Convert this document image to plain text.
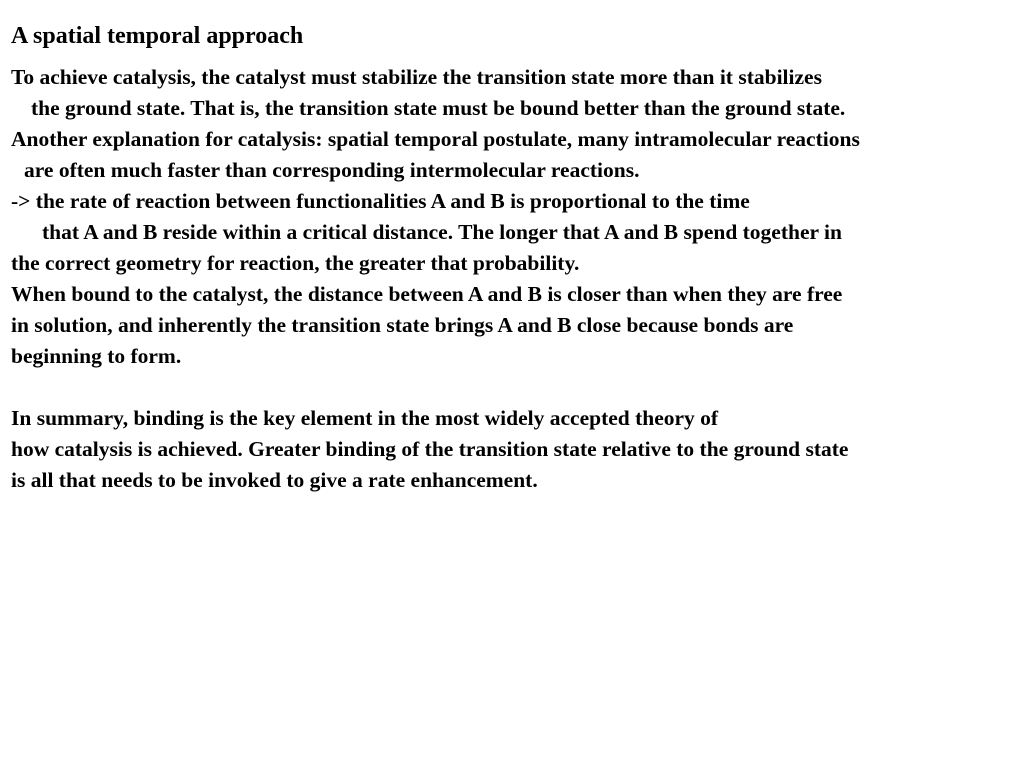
A spatial temporal approach
To achieve catalysis, the catalyst must stabilize the transition state more than it stabilizes
the ground state. That is, the transition state must be bound better than the ground state.
Another explanation for catalysis: spatial temporal postulate, many intramolecular reactions
are often much faster than corresponding intermolecular reactions.
-> the rate of reaction between functionalities A and B is proportional to the time
that A and B reside within a critical distance. The longer that A and B spend together in
the correct geometry for reaction, the greater that probability.
When bound to the catalyst, the distance between A and B is closer than when they are free
in solution, and inherently the transition state brings A and B close because bonds are
beginning to form.
In summary, binding is the key element in the most widely accepted theory of
how catalysis is achieved. Greater binding of the transition state relative to the ground state
is all that needs to be invoked to give a rate enhancement.
